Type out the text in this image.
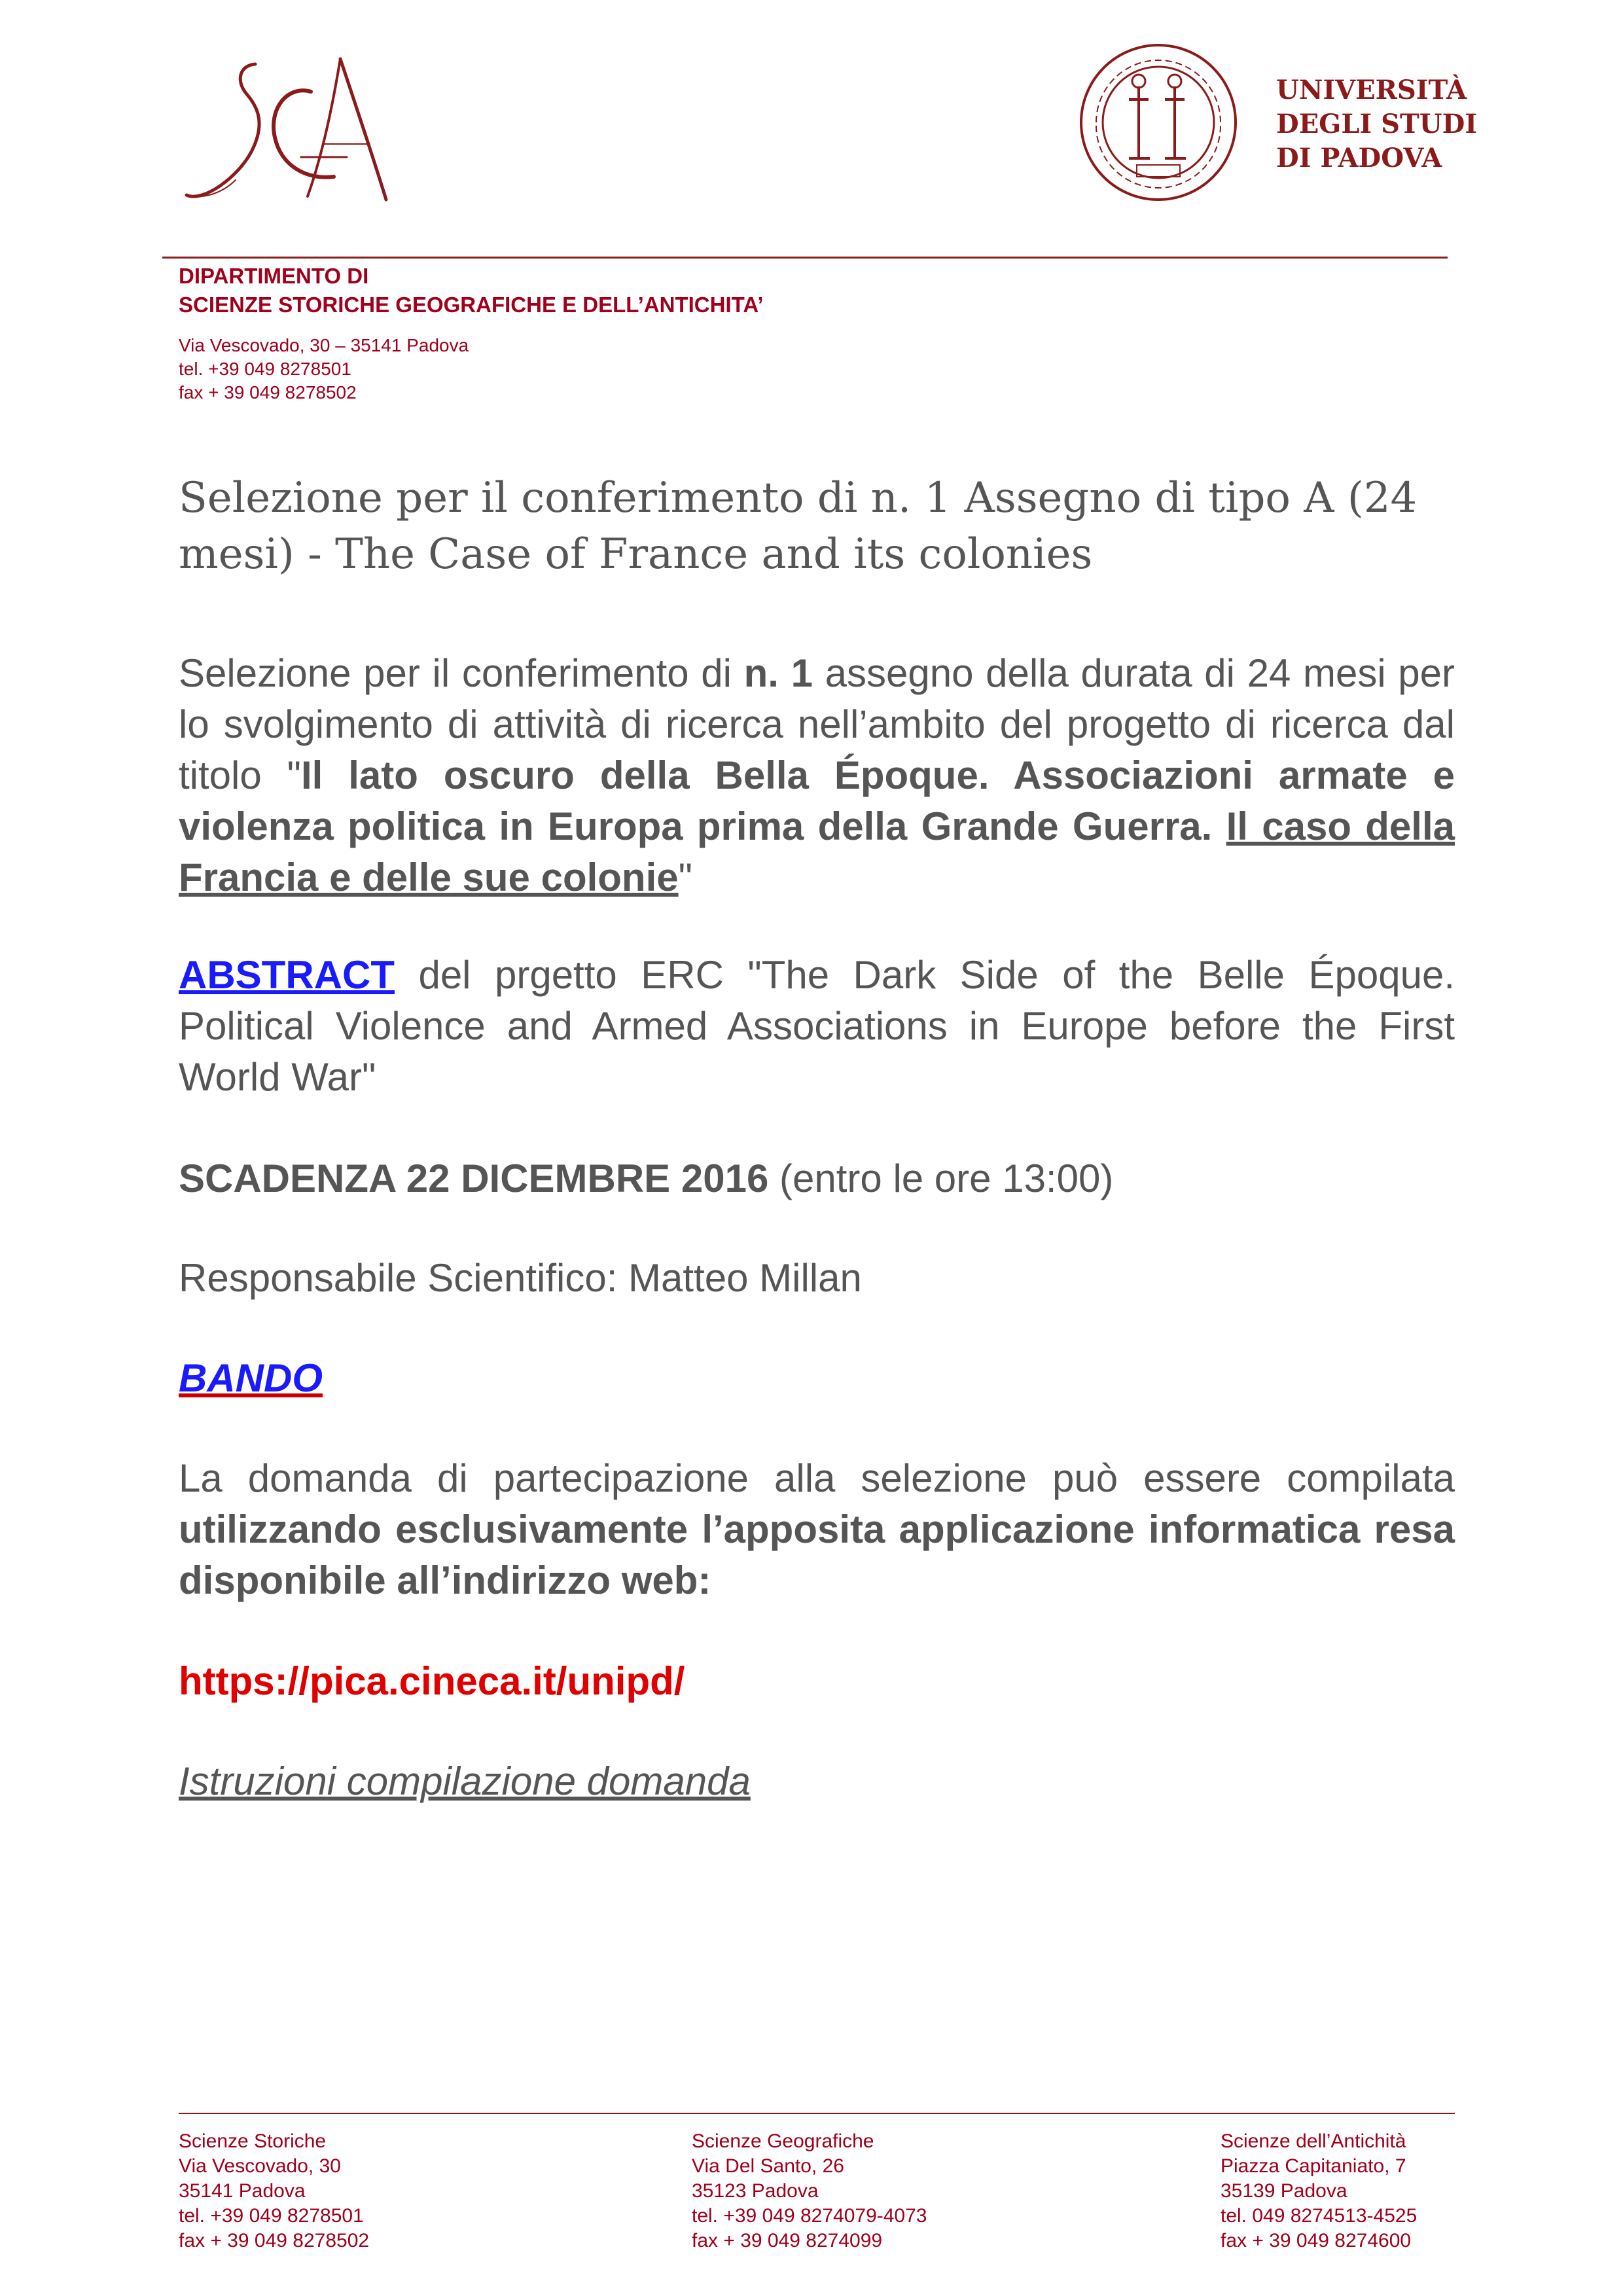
UNIVERSITÀ
DEGLI STUDI
DI PADOVA
DIPARTIMENTO DI
SCIENZE STORICHE GEOGRAFICHE E DELL’ANTICHITA’
Via Vescovado, 30 – 35141 Padova
tel. +39 049 8278501
fax + 39 049 8278502
Selezione per il conferimento di n. 1 Assegno di tipo A (24 mesi) - The Case of France and its colonies
Selezione per il conferimento di n. 1 assegno della durata di 24 mesi per lo svolgimento di attività di ricerca nell’ambito del progetto di ricerca dal titolo "Il lato oscuro della Bella Époque. Associazioni armate e violenza politica in Europa prima della Grande Guerra. Il caso della Francia e delle sue colonie"
ABSTRACT del prgetto ERC "The Dark Side of the Belle Époque. Political Violence and Armed Associations in Europe before the First World War"
SCADENZA 22 DICEMBRE 2016 (entro le ore 13:00)
Responsabile Scientifico: Matteo Millan
BANDO
La domanda di partecipazione alla selezione può essere compilata utilizzando esclusivamente l’apposita applicazione informatica resa disponibile all’indirizzo web:
https://pica.cineca.it/unipd/
Istruzioni compilazione domanda
Scienze Storiche
Via Vescovado, 30
35141 Padova
tel. +39 049 8278501
fax + 39 049 8278502
Scienze Geografiche
Via Del Santo, 26
35123 Padova
tel. +39 049 8274079-4073
fax + 39 049 8274099
Scienze dell’Antichità
Piazza Capitaniato, 7
35139 Padova
tel. 049 8274513-4525
fax + 39 049 8274600
